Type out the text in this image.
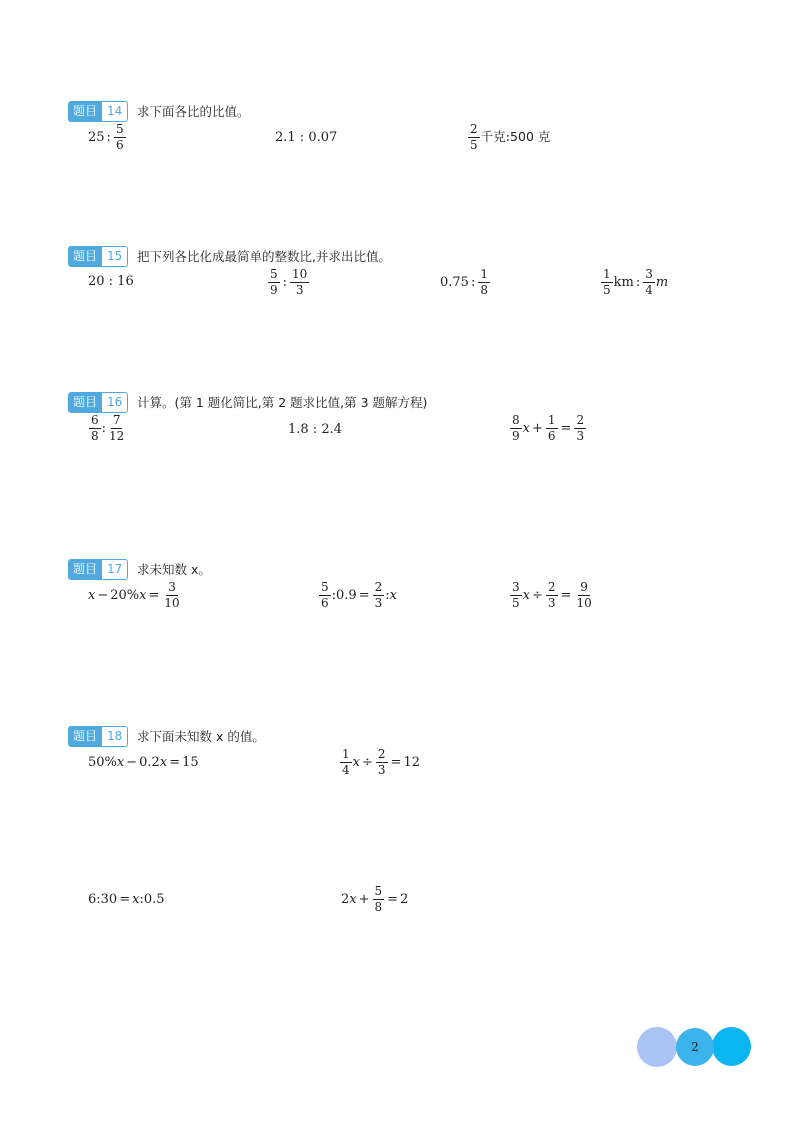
题目 14	求下面各比的比值。
25 : $\frac{5}{6}$	2.1 : 0.07	$\frac{2}{5}$ 千克 : 500 克
题目 15	把下列各比化成最简单的整数比,并求出比值。
20 : 16	$\frac{5}{9}$ : $\frac{10}{3}$	0.75 : $\frac{1}{8}$	$\frac{1}{5}$ km : $\frac{3}{4}$ m
题目 16	计算。(第 1 题化简比,第 2 题求比值,第 3 题解方程)
$\frac{6}{8}$ : $\frac{7}{12}$	1.8 : 2.4	$\frac{8}{9}$ $x + \frac{1}{6} = \frac{2}{3}$
题目 17	求未知数 x。
x − 20% $x = \frac{3}{10}$	$\frac{5}{6}$ :0.9 = $\frac{2}{3}$ : x	$\frac{3}{5}$ $x \div \frac{2}{3} = \frac{9}{10}$
题目 18	求下面未知数 x 的值。
50% x − 0.2 x = 15	$\frac{1}{4}$ $x \div \frac{2}{3} = 12$
6:30 = x :0.5	2 $x + \frac{5}{8} = 2$
2
